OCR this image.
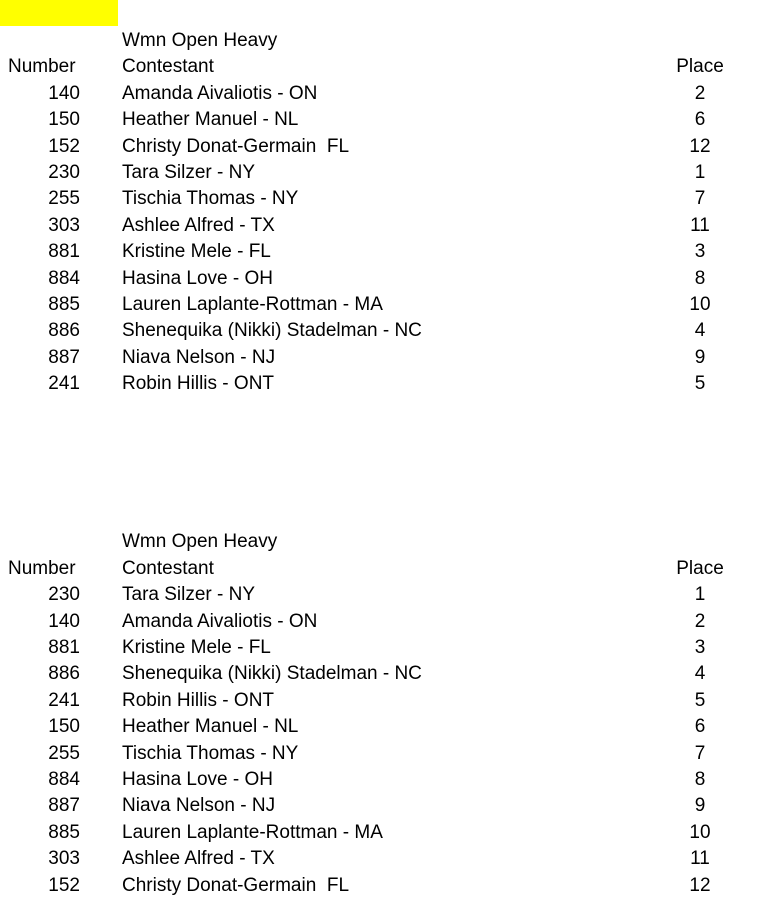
Wmn Open Heavy
Number	Contestant	Place
140	Amanda Aivaliotis - ON	2
150	Heather Manuel - NL	6
152	Christy Donat-Germain  FL	12
230	Tara Silzer - NY	1
255	Tischia Thomas - NY	7
303	Ashlee Alfred - TX	11
881	Kristine Mele - FL	3
884	Hasina Love - OH	8
885	Lauren Laplante-Rottman - MA	10
886	Shenequika (Nikki) Stadelman - NC	4
887	Niava Nelson - NJ	9
241	Robin Hillis - ONT	5
Wmn Open Heavy
Number	Contestant	Place
230	Tara Silzer - NY	1
140	Amanda Aivaliotis - ON	2
881	Kristine Mele - FL	3
886	Shenequika (Nikki) Stadelman - NC	4
241	Robin Hillis - ONT	5
150	Heather Manuel - NL	6
255	Tischia Thomas - NY	7
884	Hasina Love - OH	8
887	Niava Nelson - NJ	9
885	Lauren Laplante-Rottman - MA	10
303	Ashlee Alfred - TX	11
152	Christy Donat-Germain  FL	12
